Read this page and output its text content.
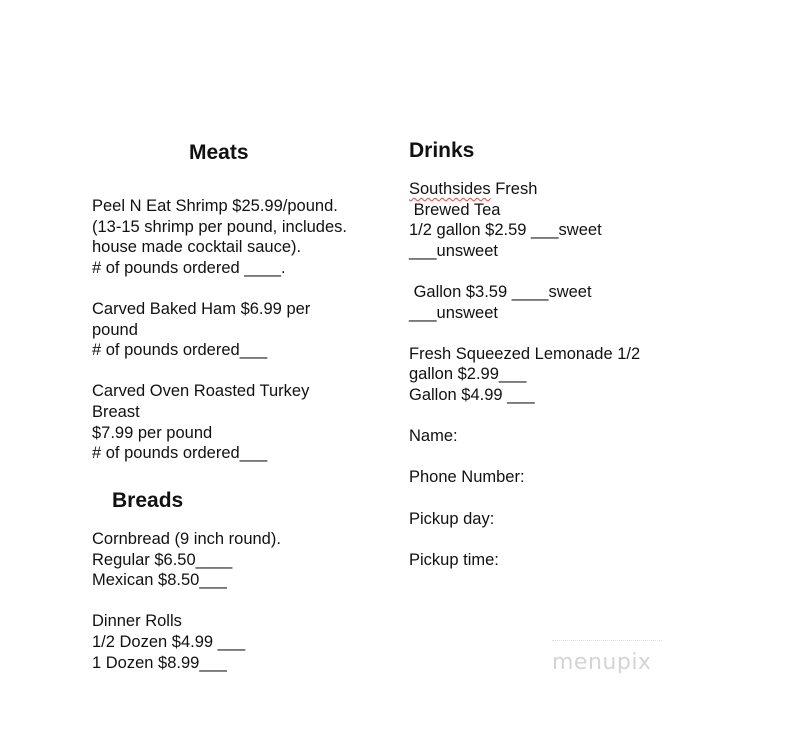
Meats
Peel N Eat Shrimp $25.99/pound.
(13-15 shrimp per pound, includes.
house made cocktail sauce).
# of pounds ordered ____.
Carved Baked Ham $6.99 per
pound
# of pounds ordered___
Carved Oven Roasted Turkey
Breast
$7.99 per pound
# of pounds ordered___
Breads
Cornbread (9 inch round).
Regular $6.50____
Mexican $8.50___
Dinner Rolls
1/2 Dozen $4.99 ___
1 Dozen $8.99___
Drinks
Southsides Fresh
Brewed Tea
1/2 gallon $2.59 ___sweet
___unsweet
Gallon $3.59 ____sweet
___unsweet
Fresh Squeezed Lemonade 1/2
gallon $2.99___
Gallon $4.99 ___
Name:
Phone Number:
Pickup day:
Pickup time:
menupix
